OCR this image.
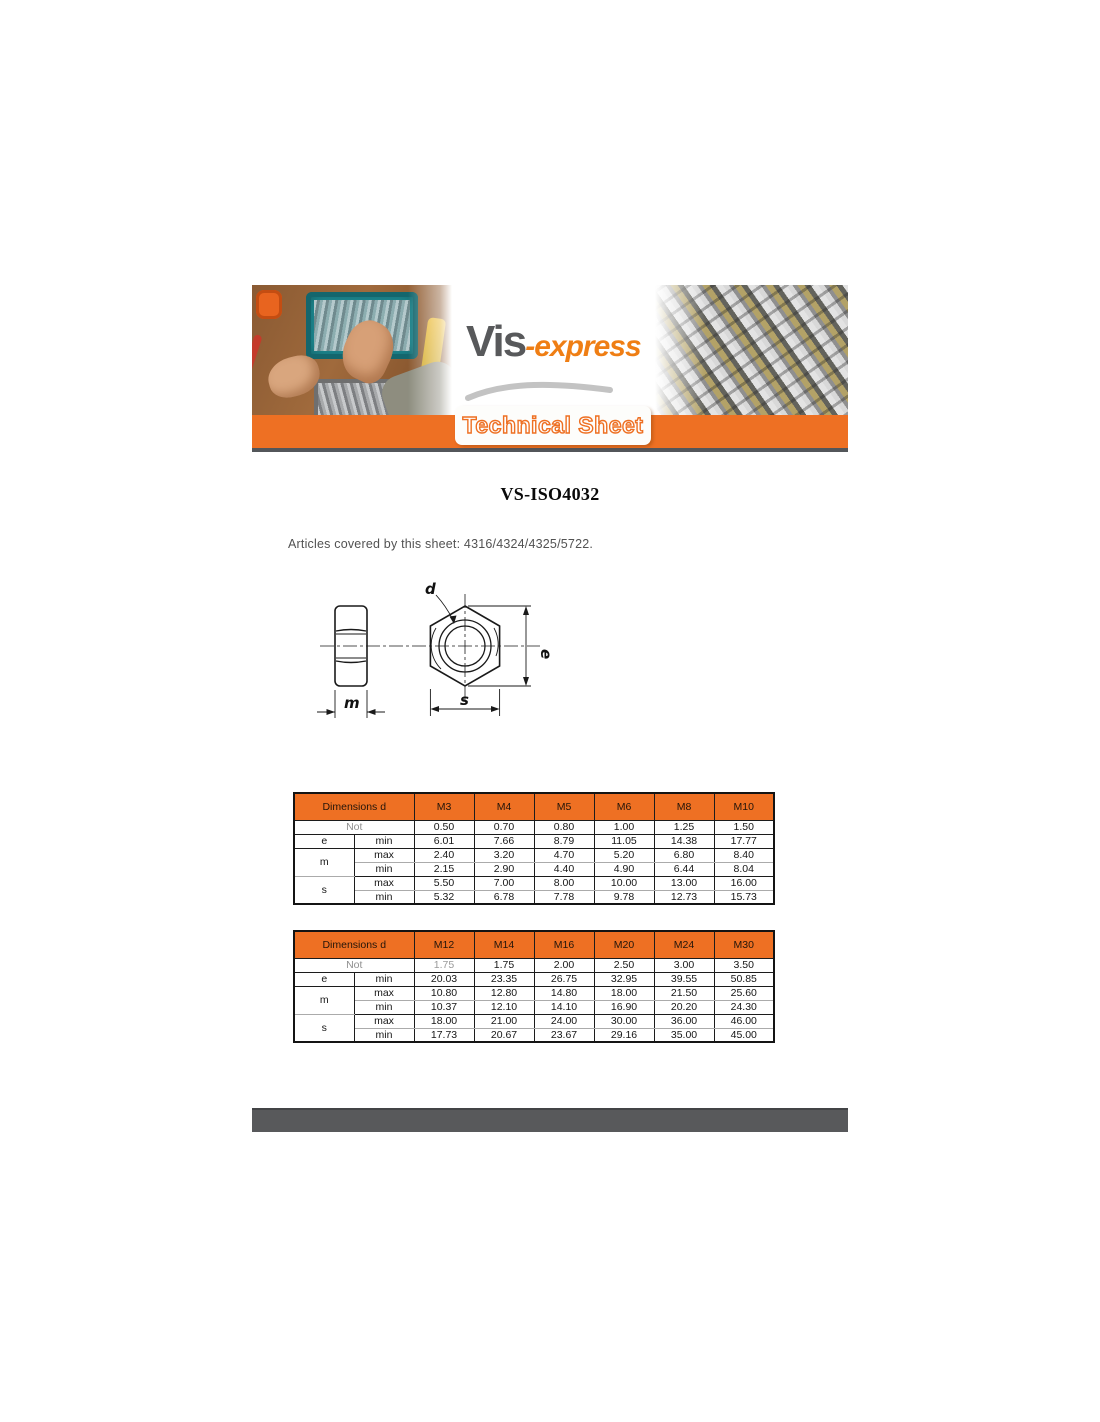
Vis-express
Technical Sheet
VS-ISO4032

Articles covered by this sheet: 4316/4324/4325/5722.

d
e
s
m
Dimensions d		M3	M4	M5	M6	M8	M10
Not		0.50	0.70	0.80	1.00	1.25	1.50
e	min	6.01	7.66	8.79	11.05	14.38	17.77
m	max	2.40	3.20	4.70	5.20	6.80	8.40
	min	2.15	2.90	4.40	4.90	6.44	8.04
s	max	5.50	7.00	8.00	10.00	13.00	16.00
	min	5.32	6.78	7.78	9.78	12.73	15.73
Dimensions d		M12	M14	M16	M20	M24	M30
Not		1.75	1.75	2.00	2.50	3.00	3.50
e	min	20.03	23.35	26.75	32.95	39.55	50.85
m	max	10.80	12.80	14.80	18.00	21.50	25.60
	min	10.37	12.10	14.10	16.90	20.20	24.30
s	max	18.00	21.00	24.00	30.00	36.00	46.00
	min	17.73	20.67	23.67	29.16	35.00	45.00
